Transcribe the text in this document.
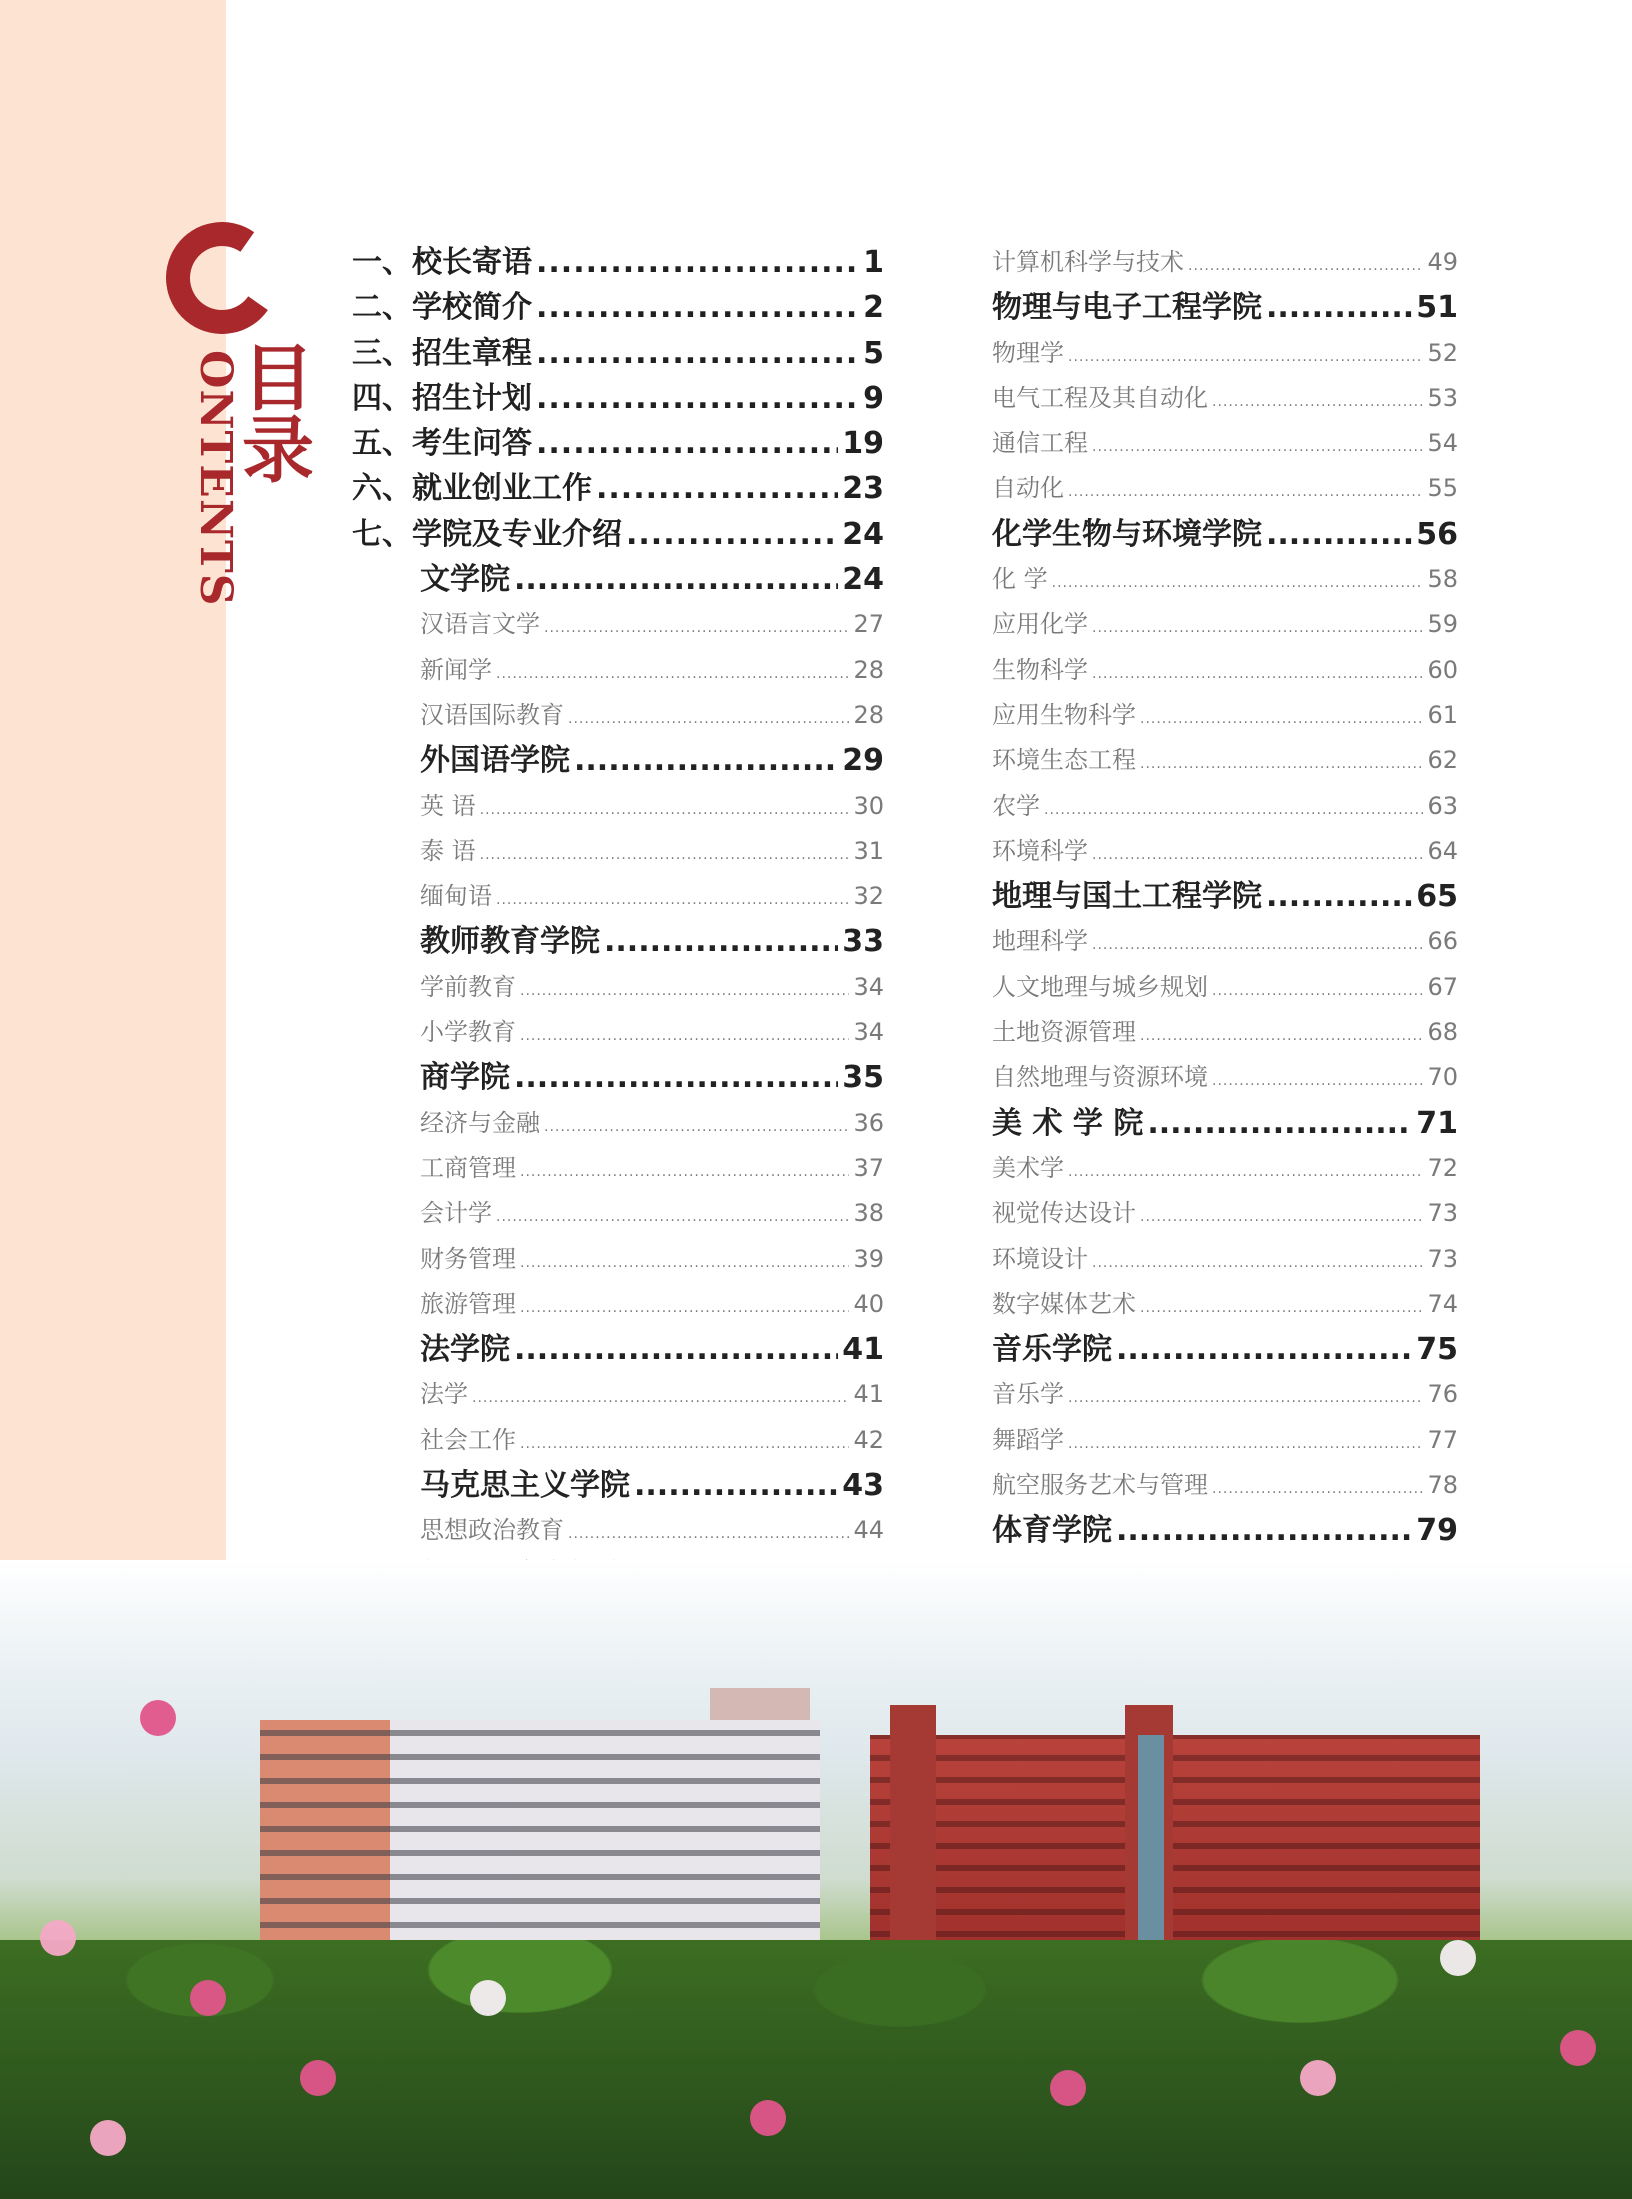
ONTENTS
目录
一、校长寄语 .....	1
二、学校简介 .....	2
三、招生章程 .....	5
四、招生计划 .....	9
五、考生问答 .....	19
六、就业创业工作 .....	23
七、学院及专业介绍 .....	24
文学院 .....	24
汉语言文学 .....	27
新闻学 .....	28
汉语国际教育 .....	28
外国语学院 .....	29
英 语 .....	30
泰 语 .....	31
缅甸语 .....	32
教师教育学院 .....	33
学前教育 .....	34
小学教育 .....	34
商学院 .....	35
经济与金融 .....	36
工商管理 .....	37
会计学 .....	38
财务管理 .....	39
旅游管理 .....	40
法学院 .....	41
法学 .....	41
社会工作 .....	42
马克思主义学院 .....	43
思想政治教育 .....	44
.....
.....
.....
计算机科学与技术 .....	49
物理与电子工程学院 .....	51
物理学 .....	52
电气工程及其自动化 .....	53
通信工程 .....	54
自动化 .....	55
化学生物与环境学院 .....	56
化 学 .....	58
应用化学 .....	59
生物科学 .....	60
应用生物科学 .....	61
环境生态工程 .....	62
农学 .....	63
环境科学 .....	64
地理与国土工程学院 .....	65
地理科学 .....	66
人文地理与城乡规划 .....	67
土地资源管理 .....	68
自然地理与资源环境 .....	70
美 术 学 院 .....	71
美术学 .....	72
视觉传达设计 .....	73
环境设计 .....	73
数字媒体艺术 .....	74
音乐学院 .....	75
音乐学 .....	76
舞蹈学 .....	77
航空服务艺术与管理 .....	78
体育学院 .....	79
.....
.....
.....
